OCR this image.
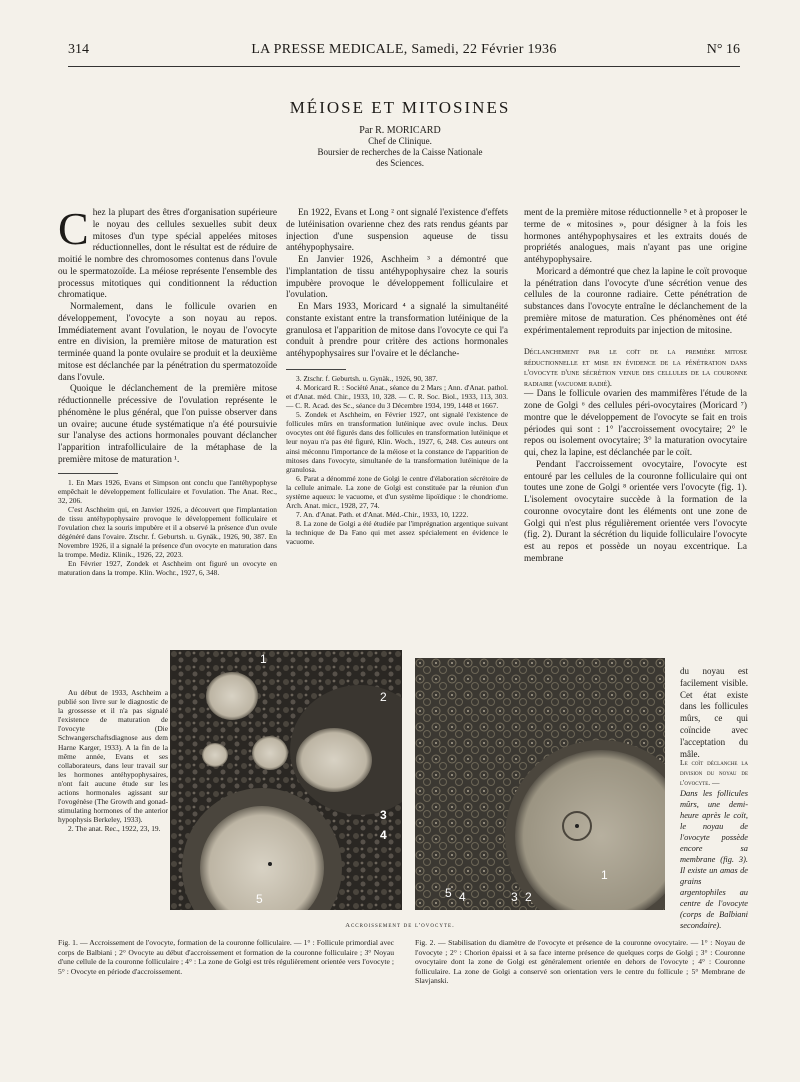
314	LA PRESSE MEDICALE, Samedi, 22 Février 1936	N° 16
MÉIOSE ET MITOSINES
Par R. MORICARD
Chef de Clinique.
Boursier de recherches de la Caisse Nationale
des Sciences.

Chez la plupart des êtres d'organisation supérieure le noyau des cellules sexuelles subit deux mitoses d'un type spécial appelées mitoses réductionnelles, dont le résultat est de réduire de moitié le nombre des chromosomes contenus dans l'ovule ou le spermatozoïde. La méiose représente l'ensemble des processus mitotiques qui conditionnent la réduction chromatique.

Normalement, dans le follicule ovarien en développement, l'ovocyte a son noyau au repos. Immédiatement avant l'ovulation, le noyau de l'ovocyte entre en division, la première mitose de maturation est terminée quand la ponte ovulaire se produit et la deuxième mitose est déclanchée par la pénétration du spermatozoïde dans l'ovule.

Quoique le déclanchement de la première mitose réductionnelle précessive de l'ovulation représente le phénomène le plus général, que l'on puisse observer dans un ovaire; aucune étude systématique n'a été poursuivie sur l'analyse des actions hormonales pouvant déclancher l'apparition intrafolliculaire de la métaphase de la première mitose de maturation ¹.

1. En Mars 1926, Evans et Simpson ont conclu que l'antéhypophyse empêchait le développement folliculaire et l'ovulation. The Anat. Rec., 32, 206.

C'est Aschheim qui, en Janvier 1926, a découvert que l'implantation de tissu antéhypophysaire provoque le développement folliculaire et l'ovulation chez la souris impubère et il a observé la présence d'un ovule dégénéré dans l'ovaire. Ztschr. f. Geburtsh. u. Gynäk., 1926, 90, 387. En Novembre 1926, il a signalé la présence d'un ovocyte en maturation dans la trompe. Mediz. Klinik., 1926, 22, 2023.

En Février 1927, Zondek et Aschheim ont figuré un ovocyte en maturation dans la trompe. Klin. Wochr., 1927, 6, 348.

Au début de 1933, Aschheim a publié son livre sur le diagnostic de la grossesse et il n'a pas signalé l'existence de maturation de l'ovocyte (Die Schwangerschaftsdiagnose aus dem Harne Karger, 1933). A la fin de la même année, Evans et ses collaborateurs, dans leur travail sur les hormones antéhypophysaires, n'ont fait aucune étude sur les actions hormonales agissant sur l'ovogénèse (The Growth and gonad-stimulating hormones of the anterior hypophysis Berkeley, 1933).

2. The anat. Rec., 1922, 23, 19.

En 1922, Evans et Long ² ont signalé l'existence d'effets de lutéinisation ovarienne chez des rats rendus géants par injection d'une suspension aqueuse de tissu antéhypophysaire.

En Janvier 1926, Aschheim ³ a démontré que l'implantation de tissu antéhypophysaire chez la souris impubère provoque le développement folliculaire et l'ovulation.

En Mars 1933, Moricard ⁴ a signalé la simultanéité constante existant entre la transformation lutéinique de la granulosa et l'apparition de mitose dans l'ovocyte ce qui l'a conduit à prendre pour critère des actions hormonales antéhypophysaires sur l'ovaire et le déclanche-

3. Ztschr. f. Geburtsh. u. Gynäk., 1926, 90, 387.

4. Moricard R. : Société Anat., séance du 2 Mars ; Ann. d'Anat. pathol. et d'Anat. méd. Chir., 1933, 10, 328. — C. R. Soc. Biol., 1933, 113, 303. — C. R. Acad. des Sc., séance du 3 Décembre 1934, 199, 1448 et 1667.

5. Zondek et Aschheim, en Février 1927, ont signalé l'existence de follicules mûrs en transformation lutéinique avec ovule inclus. Deux ovocytes ont été figurés dans des follicules en transformation lutéinique et leur noyau n'a pas été figuré, Klin. Woch., 1927, 6, 248. Ces auteurs ont ainsi méconnu l'importance de la méiose et la constance de l'apparition de mitoses dans l'ovocyte, simultanée de la transformation lutéinique de la granulosa.

6. Parat a dénommé zone de Golgi le centre d'élaboration sécrétoire de la cellule animale. La zone de Golgi est constituée par la réunion d'un système aqueux: le vacuome, et d'un système lipoïdique : le chondriome. Arch. Anat. micr., 1928, 27, 74.

7. An. d'Anat. Path. et d'Anat. Méd.-Chir., 1933, 10, 1222.

8. La zone de Golgi a été étudiée par l'imprégnation argentique suivant la technique de Da Fano qui met assez spécialement en évidence le vacuome.

ment de la première mitose réductionnelle ⁵ et à proposer le terme de « mitosines », pour désigner à la fois les hormones antéhypophysaires et les extraits doués de propriétés analogues, mais n'ayant pas une origine antéhypophysaire.

Moricard a démontré que chez la lapine le coït provoque la pénétration dans l'ovocyte d'une sécrétion venue des cellules de la couronne radiaire. Cette pénétration de substances dans l'ovocyte entraîne le déclanchement de la première mitose de maturation. Ces phénomènes ont été expérimentalement reproduits par injection de mitosine.

Déclanchement par le coït de la première mitose réductionnelle et mise en évidence de la pénétration dans l'ovocyte d'une sécrétion venue des cellules de la couronne radiaire (vacuome radié).

— Dans le follicule ovarien des mammifères l'étude de la zone de Golgi ⁶ des cellules péri-ovocytaires (Moricard ⁷) montre que le développement de l'ovocyte se fait en trois périodes qui sont : 1° l'accroissement ovocytaire; 2° le repos ou isolement ovocytaire; 3° la maturation ovocytaire qui, chez la lapine, est déclanchée par le coït.

Pendant l'accroissement ovocytaire, l'ovocyte est entouré par les cellules de la couronne folliculaire qui ont toutes une zone de Golgi ⁸ orientée vers l'ovocyte (fig. 1). L'isolement ovocytaire succède à la formation de la couronne ovocytaire dont les éléments ont une zone de Golgi qui n'est plus régulièrement orientée vers l'ovocyte (fig. 2). Durant la sécrétion du liquide folliculaire l'ovocyte est au repos et possède un noyau excentrique. La membrane

du noyau est facilement visible. Cet état existe dans les follicules mûrs, ce qui coïncide avec l'acceptation du mâle.

Le coït déclanche la division du noyau de l'ovocyte. —

Dans les follicules mûrs, une demi-heure après le coït, le noyau de l'ovocyte possède encore sa membrane (fig. 3). Il existe un amas de grains argentophiles au centre de l'ovocyte (corps de Balbiani secondaire).

1
2
3
4
5	5 4	3 2
1
Accroissement de l'ovocyte.
Fig. 1. — Accroissement de l'ovocyte, formation de la couronne folliculaire. — 1° : Follicule primordial avec corps de Balbiani ; 2° Ovocyte au début d'accroissement et formation de la couronne folliculaire ; 3° Noyau d'une cellule de la couronne folliculaire ; 4° : La zone de Golgi est très régulièrement orientée vers l'ovocyte ; 5° : Ovocyte en période d'accroissement.
Fig. 2. — Stabilisation du diamètre de l'ovocyte et présence de la couronne ovocytaire. — 1° : Noyau de l'ovocyte ; 2° : Chorion épaissi et à sa face interne présence de quelques corps de Golgi ; 3° : Couronne ovocytaire dont la zone de Golgi est généralement orientée en dehors de l'ovocyte ; 4° : Couronne folliculaire. La zone de Golgi a conservé son orientation vers le centre du follicule ; 5° Membrane de Slavjanski.
